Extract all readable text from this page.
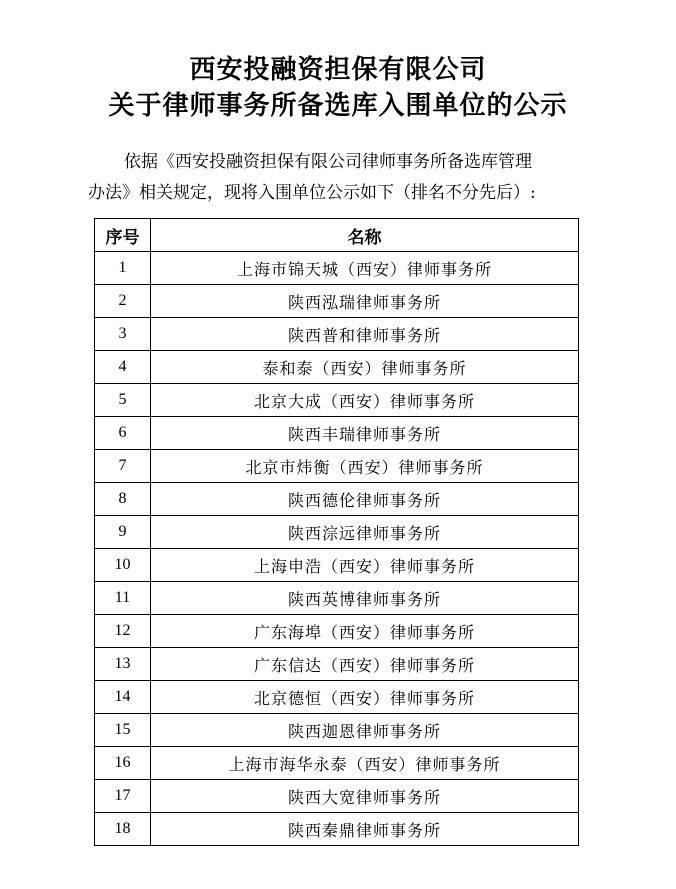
西安投融资担保有限公司
关于律师事务所备选库入围单位的公示
依据《西安投融资担保有限公司律师事务所备选库管理
办法》相关规定，现将入围单位公示如下（排名不分先后）:
序号	名称
1	上海市锦天城（西安）律师事务所
2	陕西泓瑞律师事务所
3	陕西普和律师事务所
4	泰和泰（西安）律师事务所
5	北京大成（西安）律师事务所
6	陕西丰瑞律师事务所
7	北京市炜衡（西安）律师事务所
8	陕西德伦律师事务所
9	陕西淙远律师事务所
10	上海申浩（西安）律师事务所
11	陕西英博律师事务所
12	广东海埠（西安）律师事务所
13	广东信达（西安）律师事务所
14	北京德恒（西安）律师事务所
15	陕西迦恩律师事务所
16	上海市海华永泰（西安）律师事务所
17	陕西大宽律师事务所
18	陕西秦鼎律师事务所
